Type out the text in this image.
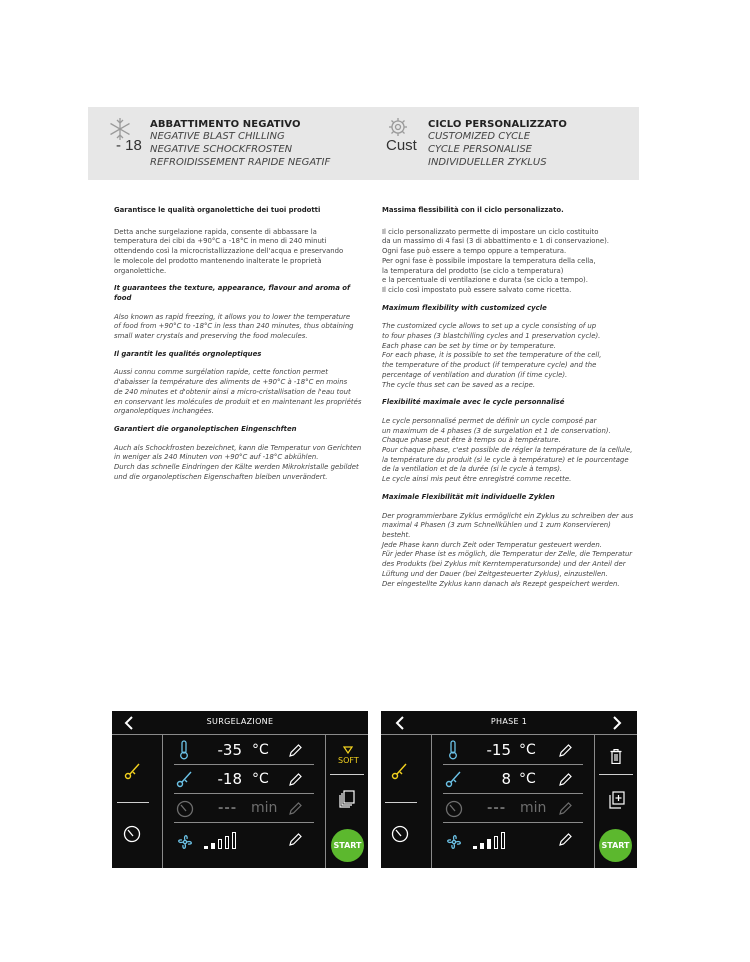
- 18
ABBATTIMENTO NEGATIVO
NEGATIVE BLAST CHILLING
NEGATIVE SCHOCKFROSTEN
REFROIDISSEMENT RAPIDE NEGATIF
Cust
CICLO PERSONALIZZATO
CUSTOMIZED CYCLE
CYCLE PERSONALISE
INDIVIDUELLER ZYKLUS

Garantisce le qualità organolettiche dei tuoi prodotti

Detta anche surgelazione rapida, consente di abbassare la
temperatura dei cibi da +90°C a -18°C in meno di 240 minuti
ottendendo così la microcristallizzazione dell'acqua e preservando
le molecole del prodotto mantenendo inalterate le proprietà
organolettiche.

It guarantees the texture, appearance, flavour and aroma of food

Also known as rapid freezing, it allows you to lower the temperature
of food from +90°C to -18°C in less than 240 minutes, thus obtaining
small water crystals and preserving the food molecules.

Il garantit les qualités orgnoleptiques

Aussi connu comme surgélation rapide, cette fonction permet
d'abaisser la température des aliments de +90°C à -18°C en moins
de 240 minutes et d'obtenir ainsi a micro-cristallisation de l'eau tout
en conservant les molécules de produit et en maintenant les propriétés
organoleptiques inchangées.

Garantiert die organoleptischen Eingenschften

Auch als Schockfrosten bezeichnet, kann die Temperatur von Gerichten
in weniger als 240 Minuten von +90°C auf -18°C abkühlen.
Durch das schnelle Eindringen der Kälte werden Mikrokristalle gebildet
und die organoleptischen Eigenschaften bleiben unverändert.

Massima flessibilità con il ciclo personalizzato.

Il ciclo personalizzato permette di impostare un ciclo costituito
da un massimo di 4 fasi (3 di abbattimento e 1 di conservazione).
Ogni fase può essere a tempo oppure a temperatura.
Per ogni fase è possibile impostare la temperatura della cella,
la temperatura del prodotto (se ciclo a temperatura)
e la percentuale di ventilazione e durata (se ciclo a tempo).
Il ciclo così impostato può essere salvato come ricetta.

Maximum flexibility with customized cycle

The customized cycle allows to set up a cycle consisting of up
to four phases (3 blastchilling cycles and 1 preservation cycle).
Each phase can be set by time or by temperature.
For each phase, it is possible to set the temperature of the cell,
the temperature of the product (if temperature cycle) and the
percentage of ventilation and duration (if time cycle).
The cycle thus set can be saved as a recipe.

Flexibilité maximale avec le cycle personnalisé

Le cycle personnalisé permet de définir un cycle composé par
un maximum de 4 phases (3 de surgelation et 1 de conservation).
Chaque phase peut être à temps ou à température.
Pour chaque phase, c'est possible de régler la température de la cellule,
la température du produit (si le cycle à température) et le pourcentage
de la ventilation et de la durée (si le cycle à temps).
Le cycle ainsi mis peut être enregistré comme recette.

Maximale Flexibilität mit individuelle Zyklen

Der programmierbare Zyklus ermöglicht ein Zyklus zu schreiben der aus
maximal 4 Phasen (3 zum Schnellkühlen und 1 zum Konservieren) besteht.
Jede Phase kann durch Zeit oder Temperatur gesteuert werden.
Für jeder Phase ist es möglich, die Temperatur der Zelle, die Temperatur
des Produkts (bei Zyklus mit Kerntemperatursonde) und der Anteil der
Lüftung und der Dauer (bei Zeitgesteuerter Zyklus), einzustellen.
Der eingestellte Zyklus kann danach als Rezept gespeichert werden.

SURGELAZIONE
-35 °C
-18 °C
--- min
SOFT
START
PHASE 1
-15 °C
8 °C
--- min
START
